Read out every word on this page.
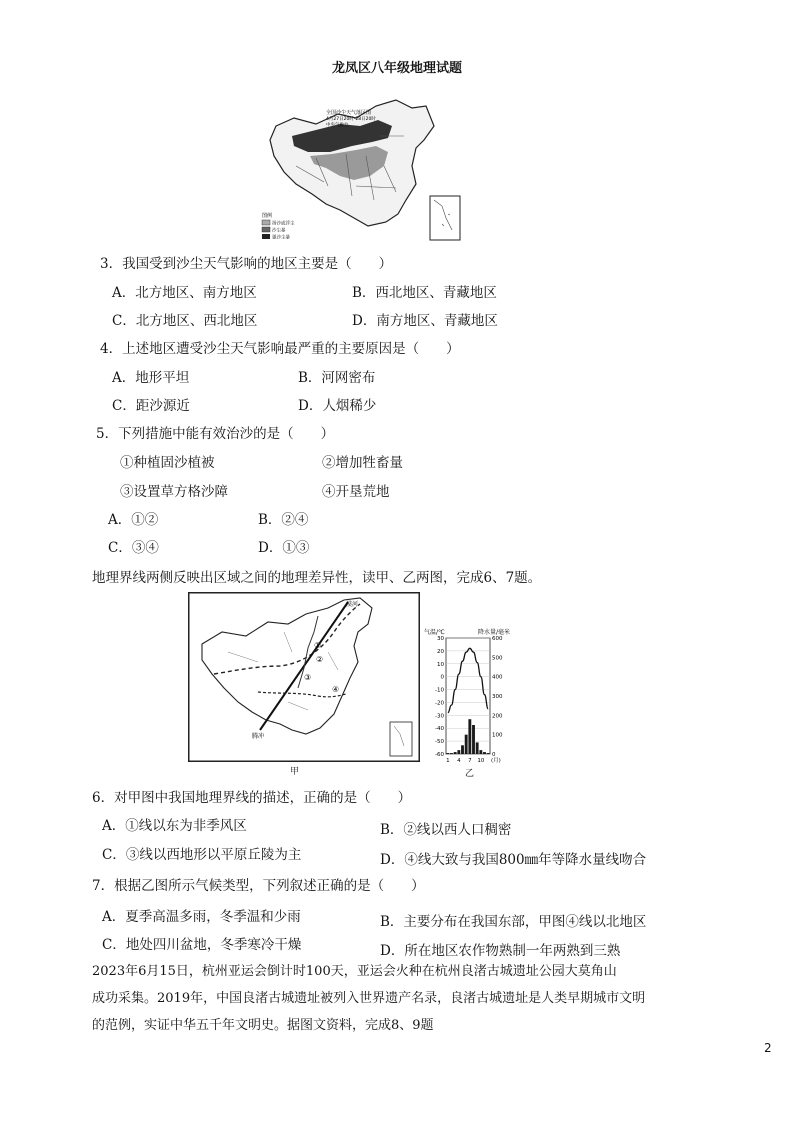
龙凤区八年级地理试题
全国沙尘天气落区图
4月27日20时-28日20时
中央气象台
图例
扬沙或浮尘
沙尘暴
强沙尘暴
3．我国受到沙尘天气影响的地区主要是（　　）
A．北方地区、南方地区	B．西北地区、青藏地区
C．北方地区、西北地区	D．南方地区、青藏地区
4．上述地区遭受沙尘天气影响最严重的主要原因是（　　）
A．地形平坦	B．河网密布
C．距沙源近	D．人烟稀少
5．下列措施中能有效治沙的是（　　）
①种植固沙植被	②增加牲畜量
③设置草方格沙障	④开垦荒地
A．①②	B．②④
C．③④	D．①③
地理界线两侧反映出区域之间的地理差异性，读甲、乙两图，完成6、7题。
漠河
腾冲
①
②
③
④
甲
气温/℃	降水量/毫米
30
20
10
0
-10
-20
-30
-40
-50
-60
600
500
400
300
200
100
0
1 4 7 10 (月)
乙
6．对甲图中我国地理界线的描述，正确的是（　　）
A．①线以东为非季风区	B．②线以西人口稠密
C．③线以西地形以平原丘陵为主	D．④线大致与我国800㎜年等降水量线吻合
7．根据乙图所示气候类型，下列叙述正确的是（　　）
A．夏季高温多雨，冬季温和少雨	B．主要分布在我国东部，甲图④线以北地区
C．地处四川盆地，冬季寒冷干燥	D．所在地区农作物熟制一年两熟到三熟
2023年6月15日，杭州亚运会倒计时100天，亚运会火种在杭州良渚古城遗址公园大莫角山
成功采集。2019年，中国良渚古城遗址被列入世界遗产名录，良渚古城遗址是人类早期城市文明
的范例，实证中华五千年文明史。据图文资料，完成8、9题
2
